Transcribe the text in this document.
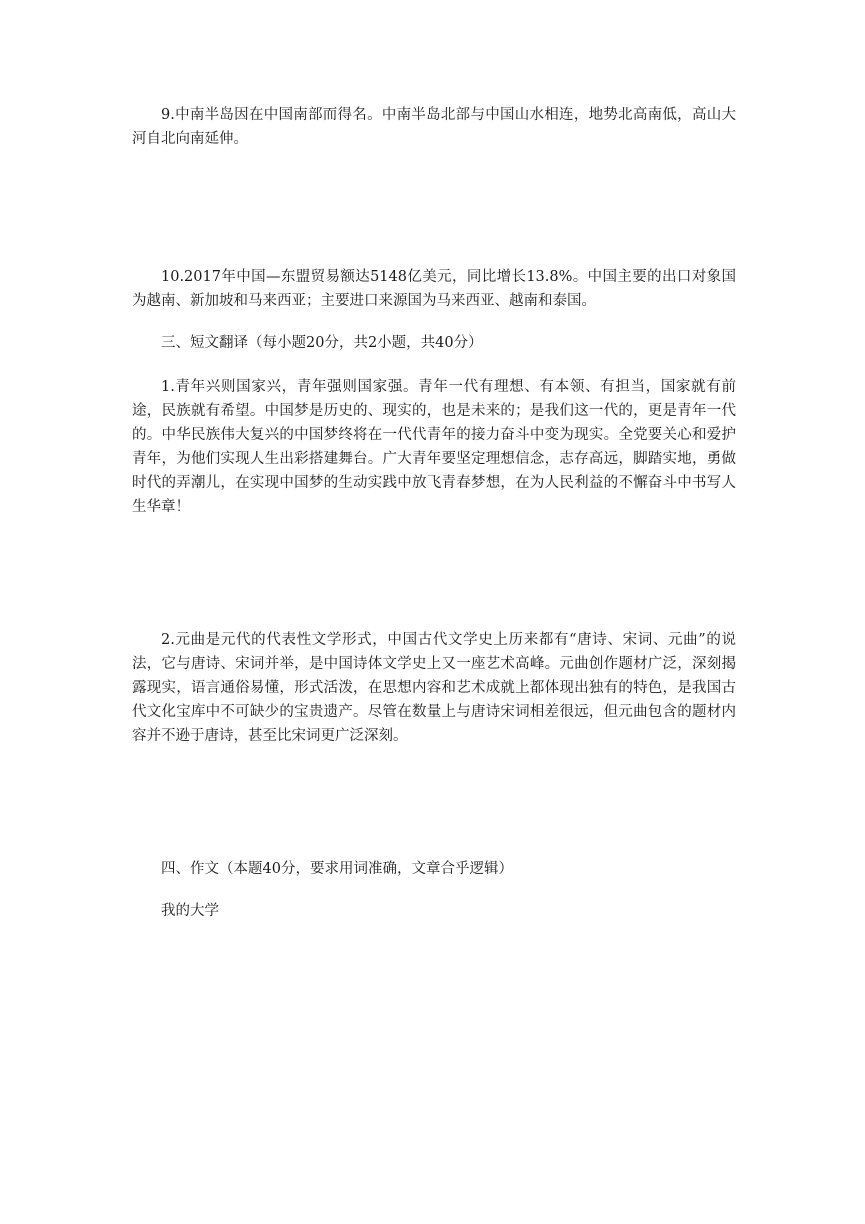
9.中南半岛因在中国南部而得名。中南半岛北部与中国山水相连，地势北高南低，高山大河自北向南延伸。

10.2017年中国—东盟贸易额达5148亿美元，同比增长13.8%。中国主要的出口对象国为越南、新加坡和马来西亚；主要进口来源国为马来西亚、越南和泰国。

三、短文翻译（每小题20分，共2小题，共40分）

1.青年兴则国家兴，青年强则国家强。青年一代有理想、有本领、有担当，国家就有前途，民族就有希望。中国梦是历史的、现实的，也是未来的；是我们这一代的，更是青年一代的。中华民族伟大复兴的中国梦终将在一代代青年的接力奋斗中变为现实。全党要关心和爱护青年，为他们实现人生出彩搭建舞台。广大青年要坚定理想信念，志存高远，脚踏实地，勇做时代的弄潮儿，在实现中国梦的生动实践中放飞青春梦想，在为人民利益的不懈奋斗中书写人生华章！

2.元曲是元代的代表性文学形式，中国古代文学史上历来都有“唐诗、宋词、元曲”的说法，它与唐诗、宋词并举，是中国诗体文学史上又一座艺术高峰。元曲创作题材广泛，深刻揭露现实，语言通俗易懂，形式活泼，在思想内容和艺术成就上都体现出独有的特色，是我国古代文化宝库中不可缺少的宝贵遗产。尽管在数量上与唐诗宋词相差很远，但元曲包含的题材内容并不逊于唐诗，甚至比宋词更广泛深刻。

四、作文（本题40分，要求用词准确，文章合乎逻辑）

我的大学
